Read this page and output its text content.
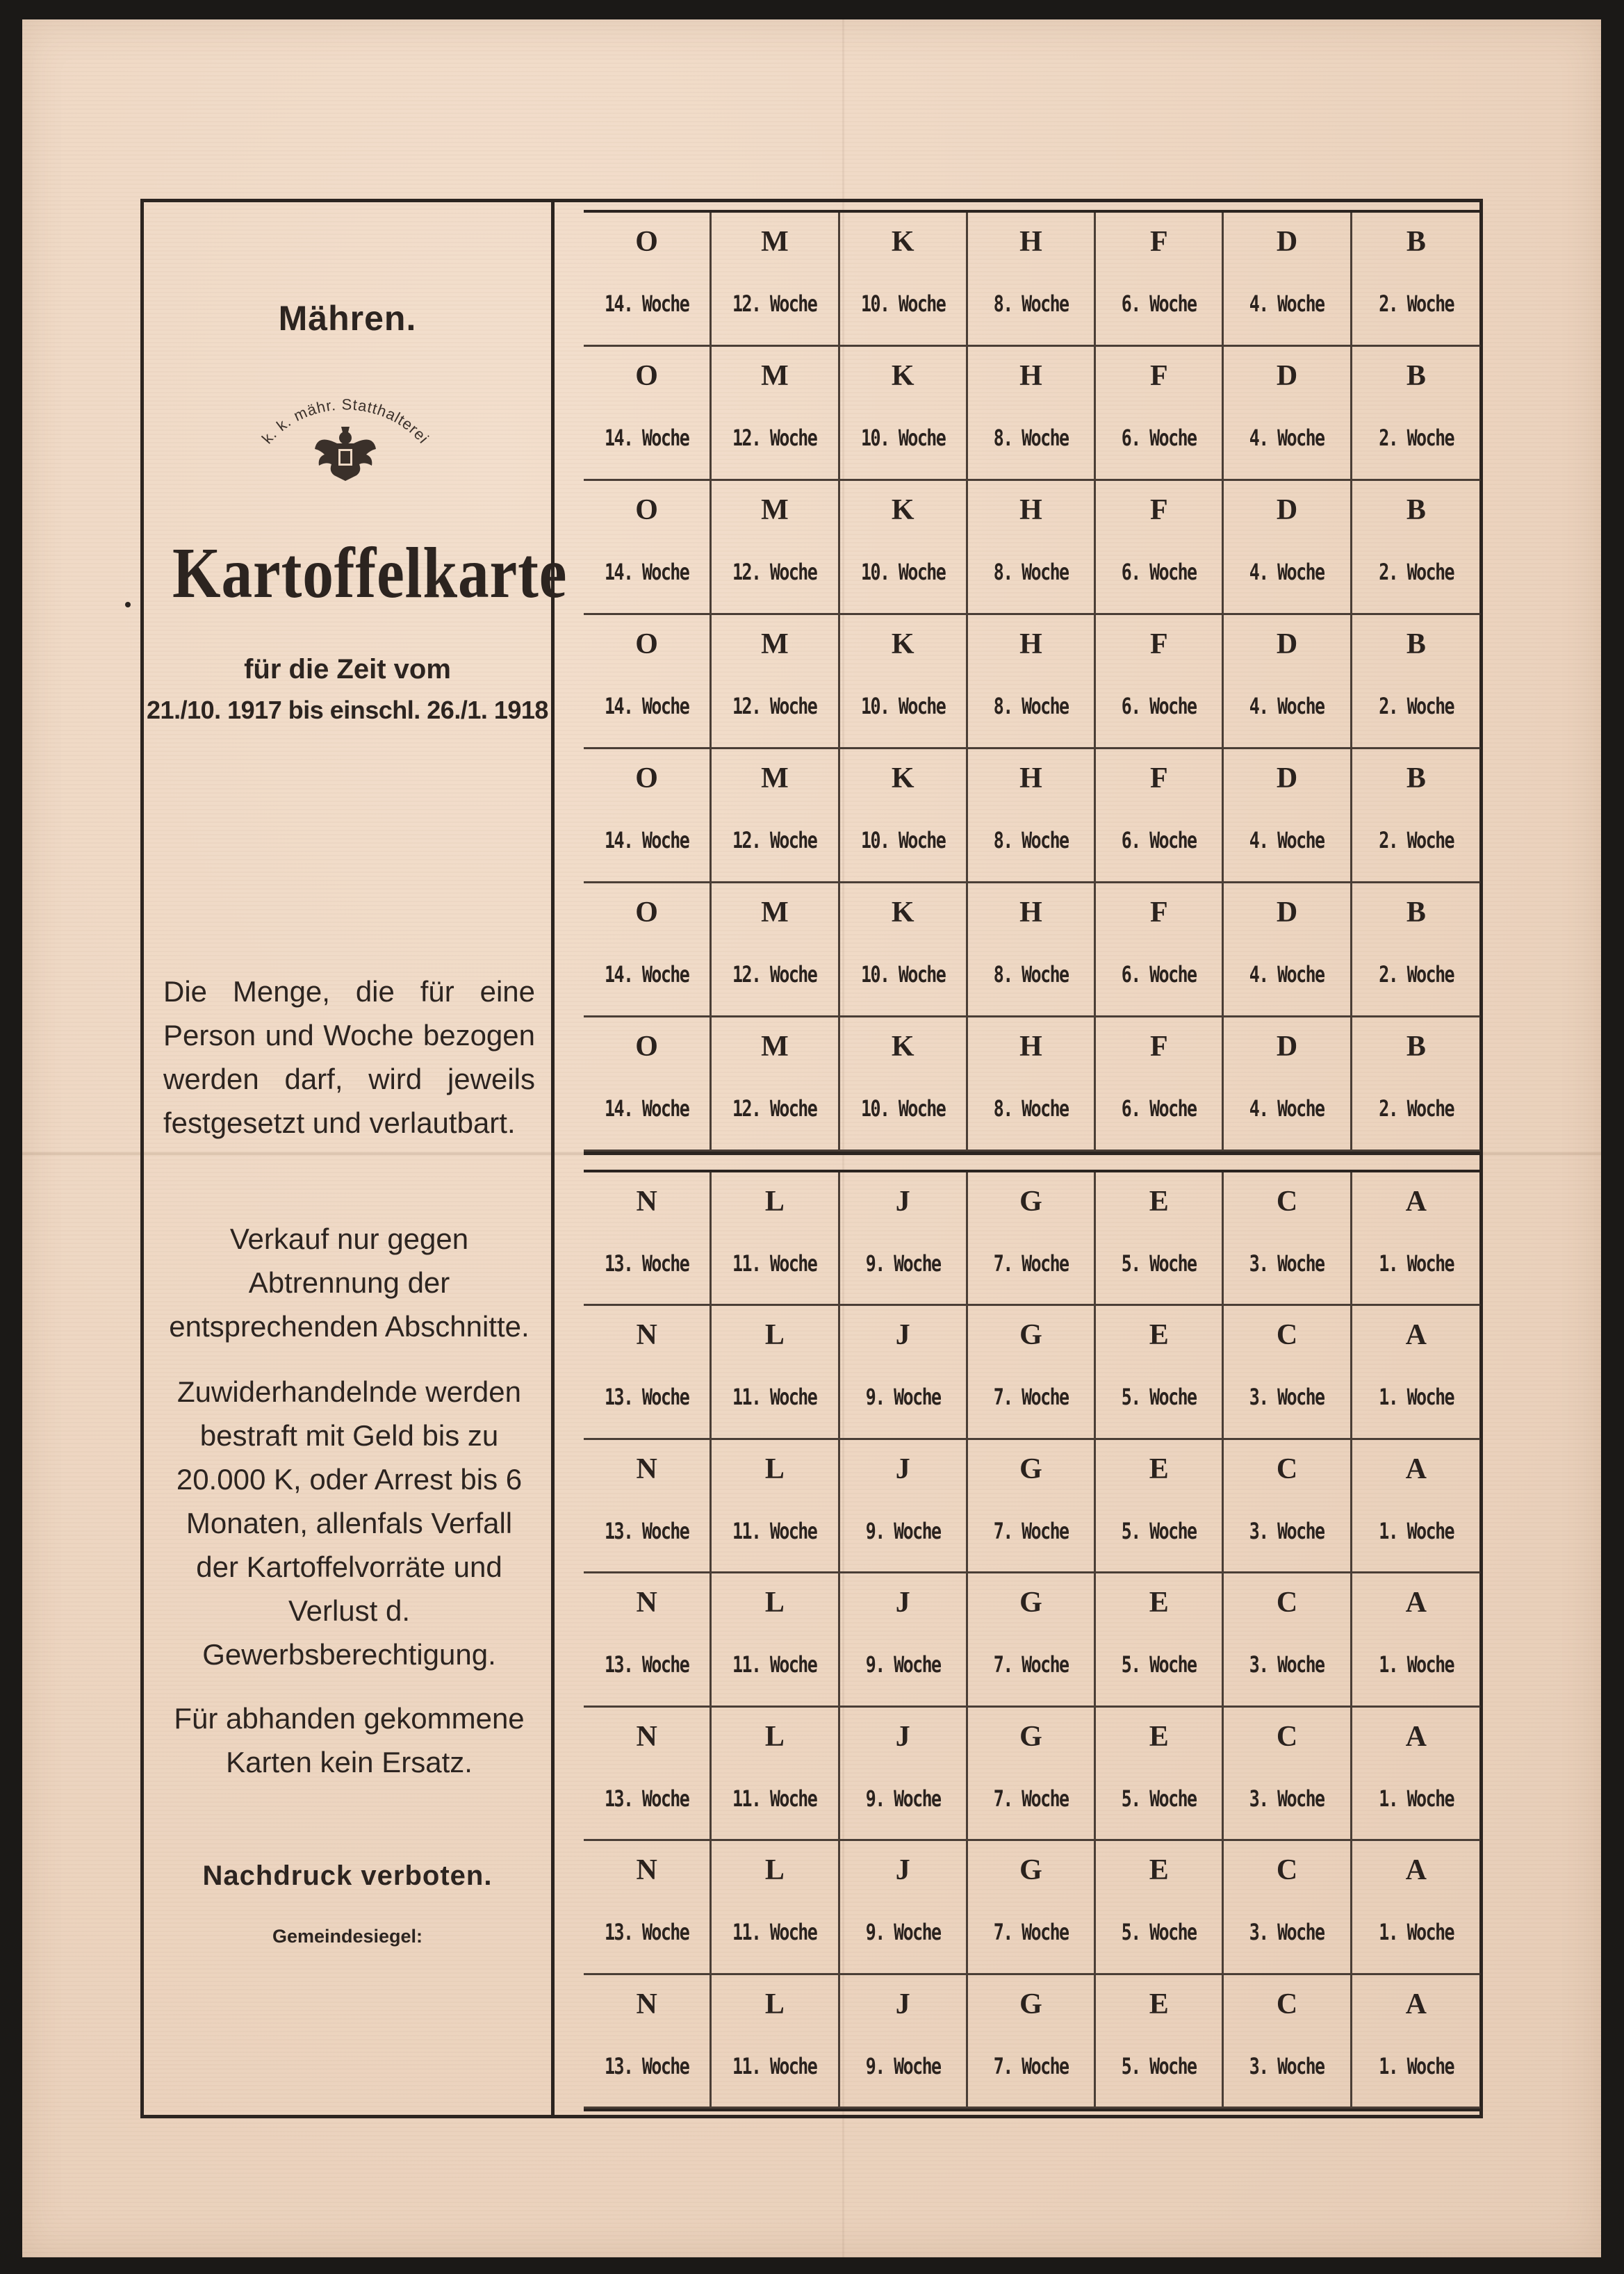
Mähren.
k. k. mähr. Statthalterei
Kartoffelkarte
für die Zeit vom
21./10. 1917 bis einschl. 26./1. 1918
Die Menge, die für eine Person und Woche bezogen werden darf, wird jeweils festgesetzt und verlautbart.
Verkauf nur gegen Abtrennung der entsprechenden Abschnitte.
Zuwiderhandelnde werden bestraft mit Geld bis zu 20.000 K, oder Arrest bis 6 Monaten, allenfals Verfall der Kartoffelvorräte und Verlust d. Gewerbsberechtigung.
Für abhanden gekommene Karten kein Ersatz.
Nachdruck verboten.
Gemeindesiegel:
O
14. Woche
M
12. Woche
K
10. Woche
H
8. Woche
F
6. Woche
D
4. Woche
B
2. Woche
O
14. Woche
M
12. Woche
K
10. Woche
H
8. Woche
F
6. Woche
D
4. Woche
B
2. Woche
O
14. Woche
M
12. Woche
K
10. Woche
H
8. Woche
F
6. Woche
D
4. Woche
B
2. Woche
O
14. Woche
M
12. Woche
K
10. Woche
H
8. Woche
F
6. Woche
D
4. Woche
B
2. Woche
O
14. Woche
M
12. Woche
K
10. Woche
H
8. Woche
F
6. Woche
D
4. Woche
B
2. Woche
O
14. Woche
M
12. Woche
K
10. Woche
H
8. Woche
F
6. Woche
D
4. Woche
B
2. Woche
O
14. Woche
M
12. Woche
K
10. Woche
H
8. Woche
F
6. Woche
D
4. Woche
B
2. Woche
N
13. Woche
L
11. Woche
J
9. Woche
G
7. Woche
E
5. Woche
C
3. Woche
A
1. Woche
N
13. Woche
L
11. Woche
J
9. Woche
G
7. Woche
E
5. Woche
C
3. Woche
A
1. Woche
N
13. Woche
L
11. Woche
J
9. Woche
G
7. Woche
E
5. Woche
C
3. Woche
A
1. Woche
N
13. Woche
L
11. Woche
J
9. Woche
G
7. Woche
E
5. Woche
C
3. Woche
A
1. Woche
N
13. Woche
L
11. Woche
J
9. Woche
G
7. Woche
E
5. Woche
C
3. Woche
A
1. Woche
N
13. Woche
L
11. Woche
J
9. Woche
G
7. Woche
E
5. Woche
C
3. Woche
A
1. Woche
N
13. Woche
L
11. Woche
J
9. Woche
G
7. Woche
E
5. Woche
C
3. Woche
A
1. Woche
